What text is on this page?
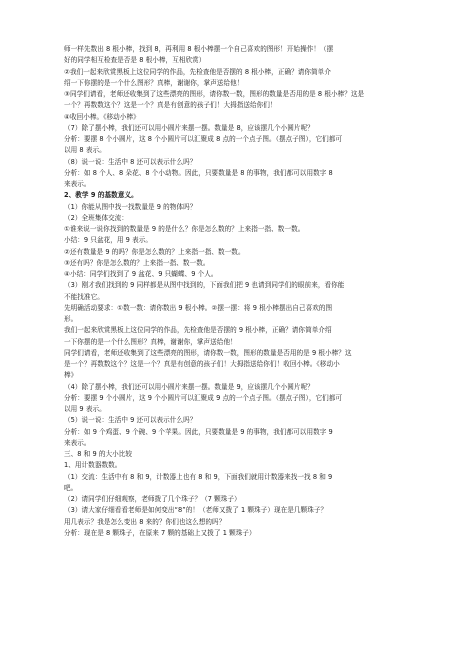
师一样先数出 8 根小棒，找到 8，再利用 8 根小棒摆一个自己喜欢的图形！开始操作！（摆
好的同学相互检查是否是 8 根小棒，互相欣赏）
②我们一起来欣赏黑板上这位同学的作品，先检查他是否摆的 8 根小棒，正确？请你简单介
绍一下你摆的是一个什么图形？真棒，谢谢你，掌声送给他！
③同学们请看，老师还收集到了这些漂亮的图形，请你数一数，图形的数量是否用的是 8 根小棒？这是
一个？再数数这个？这是一个？真是有创意的孩子们！大拇指送给你们！
④收回小棒。《移动小棒》
（7）除了摆小棒，我们还可以用小圆片来摆一摆。数量是 8，应该摆几个小圆片呢？
分析：要摆 8 个小圆片，这 8 个小圆片可以汇聚成 8 点的一个点子图。（摆点子图），它们都可
以用 8 表示。
（8）说一说：生活中 8 还可以表示什么吗？
分析：如 8 个人、8 朵花、8 个小动物。因此，只要数量是 8 的事物，我们都可以用数字 8
来表示。
2、教学 9 的基数意义。
（1）你能从图中找一找数量是 9 的物体吗？
（2）全班集体交流：
①谁来说一说你找到的数量是 9 的是什么？你是怎么数的？上来指一指、数一数。
小结：9 只盆花，用 9 表示。
②还有数量是 9 的吗？你是怎么数的？上来指一指、数一数。
③还有吗？你是怎么数的？上来指一指、数一数。
④小结：同学们找到了 9 盆花、9 只蝴蝶、9 个人。
（3）刚才我们找到的 9 同样都是从图中找到的，下面我们把 9 也请到同学们的眼前来，看你能
不能找准它。
先明确活动要求：①数一数：请你数出 9 根小棒。②摆一摆：将 9 根小棒摆出自己喜欢的图
形。
我们一起来欣赏黑板上这位同学的作品，先检查他是否摆的 9 根小棒，正确？请你简单介绍
一下你摆的是一个什么图形？真棒，谢谢你，掌声送给他！
同学们请看，老师还收集到了这些漂亮的图形，请你数一数，图形的数量是否用的是 9 根小棒？这
是一个？再数数这个？这是一个？真是有创意的孩子们！大拇指送给你们！收回小棒。《移动小
棒》
（4）除了摆小棒，我们还可以用小圆片来摆一摆。数量是 9，应该摆几个小圆片呢？
分析：要摆 9 个小圆片，这 9 个小圆片可以汇聚成 9 点的一个点子图。（摆点子图），它们都可
以用 9 表示。
（5）说一说：生活中 9 还可以表示什么吗？
分析：如 9 个鸡蛋、9 个碗、9 个苹果。因此，只要数量是 9 的事物，我们都可以用数字 9
来表示。
三、8 和 9 的大小比较
1、用计数器数数。
（1）交流：生活中有 8 和 9，计数器上也有 8 和 9，下面我们就用计数器来找一找 8 和 9
吧。
（2）请同学们仔细观察，老师拨了几个珠子？（7 颗珠子）
（3）请大家仔细看看老师是如何变出“8”的！（老师又拨了 1 颗珠子）现在是几颗珠子？
用几表示？我是怎么变出 8 来的？你们也这么想的吗？
分析：现在是 8 颗珠子，在原来 7 颗的基础上又拨了 1 颗珠子）
